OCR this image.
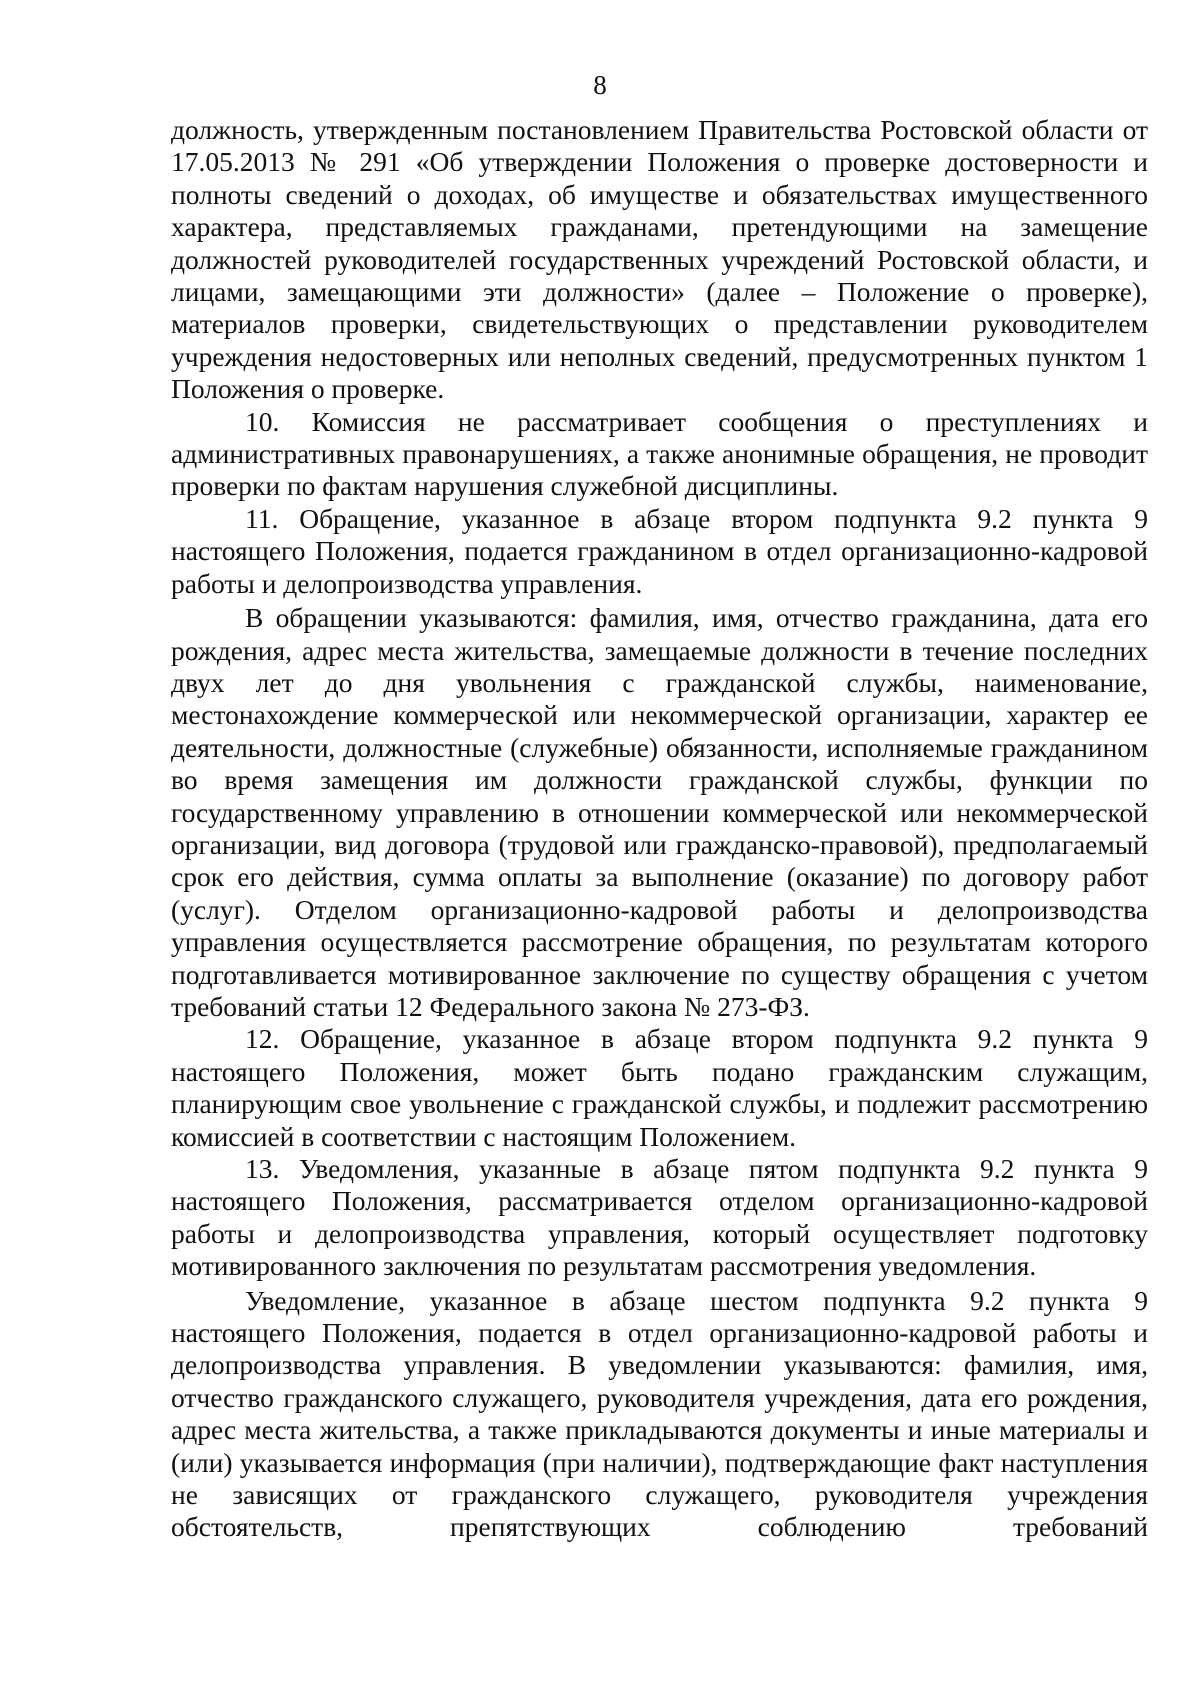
8

должность, утвержденным постановлением Правительства Ростовской области от 17.05.2013 № 291 «Об утверждении Положения о проверке достоверности и полноты сведений о доходах, об имуществе и обязательствах имущественного характера, представляемых гражданами, претендующими на замещение должностей руководителей государственных учреждений Ростовской области, и лицами, замещающими эти должности» (далее – Положение о проверке), материалов проверки, свидетельствующих о представлении руководителем учреждения недостоверных или неполных сведений, предусмотренных пунктом 1 Положения о проверке.

10. Комиссия не рассматривает сообщения о преступлениях и административных правонарушениях, а также анонимные обращения, не проводит проверки по фактам нарушения служебной дисциплины.

11. Обращение, указанное в абзаце втором подпункта 9.2 пункта 9 настоящего Положения, подается гражданином в отдел организационно-кадровой работы и делопроизводства управления.

В обращении указываются: фамилия, имя, отчество гражданина, дата его рождения, адрес места жительства, замещаемые должности в течение последних двух лет до дня увольнения с гражданской службы, наименование, местонахождение коммерческой или некоммерческой организации, характер ее деятельности, должностные (служебные) обязанности, исполняемые гражданином во время замещения им должности гражданской службы, функции по государственному управлению в отношении коммерческой или некоммерческой организации, вид договора (трудовой или гражданско-правовой), предполагаемый срок его действия, сумма оплаты за выполнение (оказание) по договору работ (услуг). Отделом организационно-кадровой работы и делопроизводства управления осуществляется рассмотрение обращения, по результатам которого подготавливается мотивированное заключение по существу обращения с учетом требований статьи 12 Федерального закона № 273-ФЗ.

12. Обращение, указанное в абзаце втором подпункта 9.2 пункта 9 настоящего Положения, может быть подано гражданским служащим, планирующим свое увольнение с гражданской службы, и подлежит рассмотрению комиссией в соответствии с настоящим Положением.

13. Уведомления, указанные в абзаце пятом подпункта 9.2 пункта 9 настоящего Положения, рассматривается отделом организационно-кадровой работы и делопроизводства управления, который осуществляет подготовку мотивированного заключения по результатам рассмотрения уведомления.

Уведомление, указанное в абзаце шестом подпункта 9.2 пункта 9 настоящего Положения, подается в отдел организационно-кадровой работы и делопроизводства управления. В уведомлении указываются: фамилия, имя, отчество гражданского служащего, руководителя учреждения, дата его рождения, адрес места жительства, а также прикладываются документы и иные материалы и (или) указывается информация (при наличии), подтверждающие факт наступления не зависящих от гражданского служащего, руководителя учреждения обстоятельств, препятствующих соблюдению требований
